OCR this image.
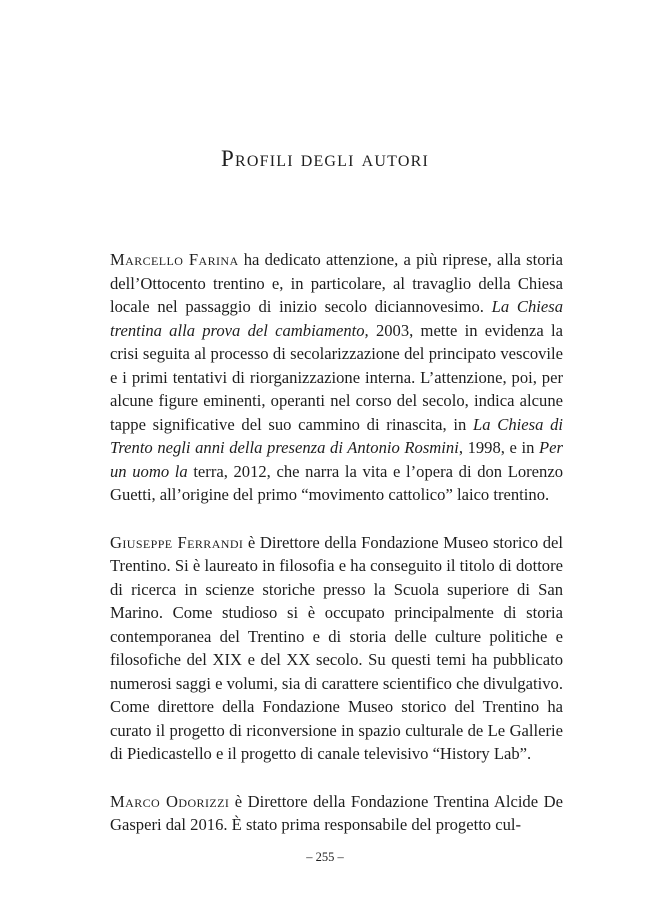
Profili degli autori

Marcello Farina ha dedicato attenzione, a più riprese, alla storia dell’Ottocento trentino e, in particolare, al travaglio della Chiesa locale nel passaggio di inizio secolo diciannovesimo. La Chiesa trentina alla prova del cambiamento, 2003, mette in evidenza la crisi seguita al processo di secolarizzazione del principato vescovile e i primi tentativi di riorganizzazione interna. L’attenzione, poi, per alcune figure eminenti, operanti nel corso del secolo, indica alcune tappe significative del suo cammino di rinascita, in La Chiesa di Trento negli anni della presenza di Antonio Rosmini, 1998, e in Per un uomo la terra, 2012, che narra la vita e l’opera di don Lorenzo Guetti, all’origine del primo “movimento cattolico” laico trentino.

Giuseppe Ferrandi è Direttore della Fondazione Museo storico del Trentino. Si è laureato in filosofia e ha conseguito il titolo di dottore di ricerca in scienze storiche presso la Scuola superiore di San Marino. Come studioso si è occupato principalmente di storia contemporanea del Trentino e di storia delle culture politiche e filosofiche del XIX e del XX secolo. Su questi temi ha pubblicato numerosi saggi e volumi, sia di carattere scientifico che divulgativo. Come direttore della Fondazione Museo storico del Trentino ha curato il progetto di riconversione in spazio culturale de Le Gallerie di Piedicastello e il progetto di canale televisivo “History Lab”.

Marco Odorizzi è Direttore della Fondazione Trentina Alcide De Gasperi dal 2016. È stato prima responsabile del progetto cul-

– 255 –
